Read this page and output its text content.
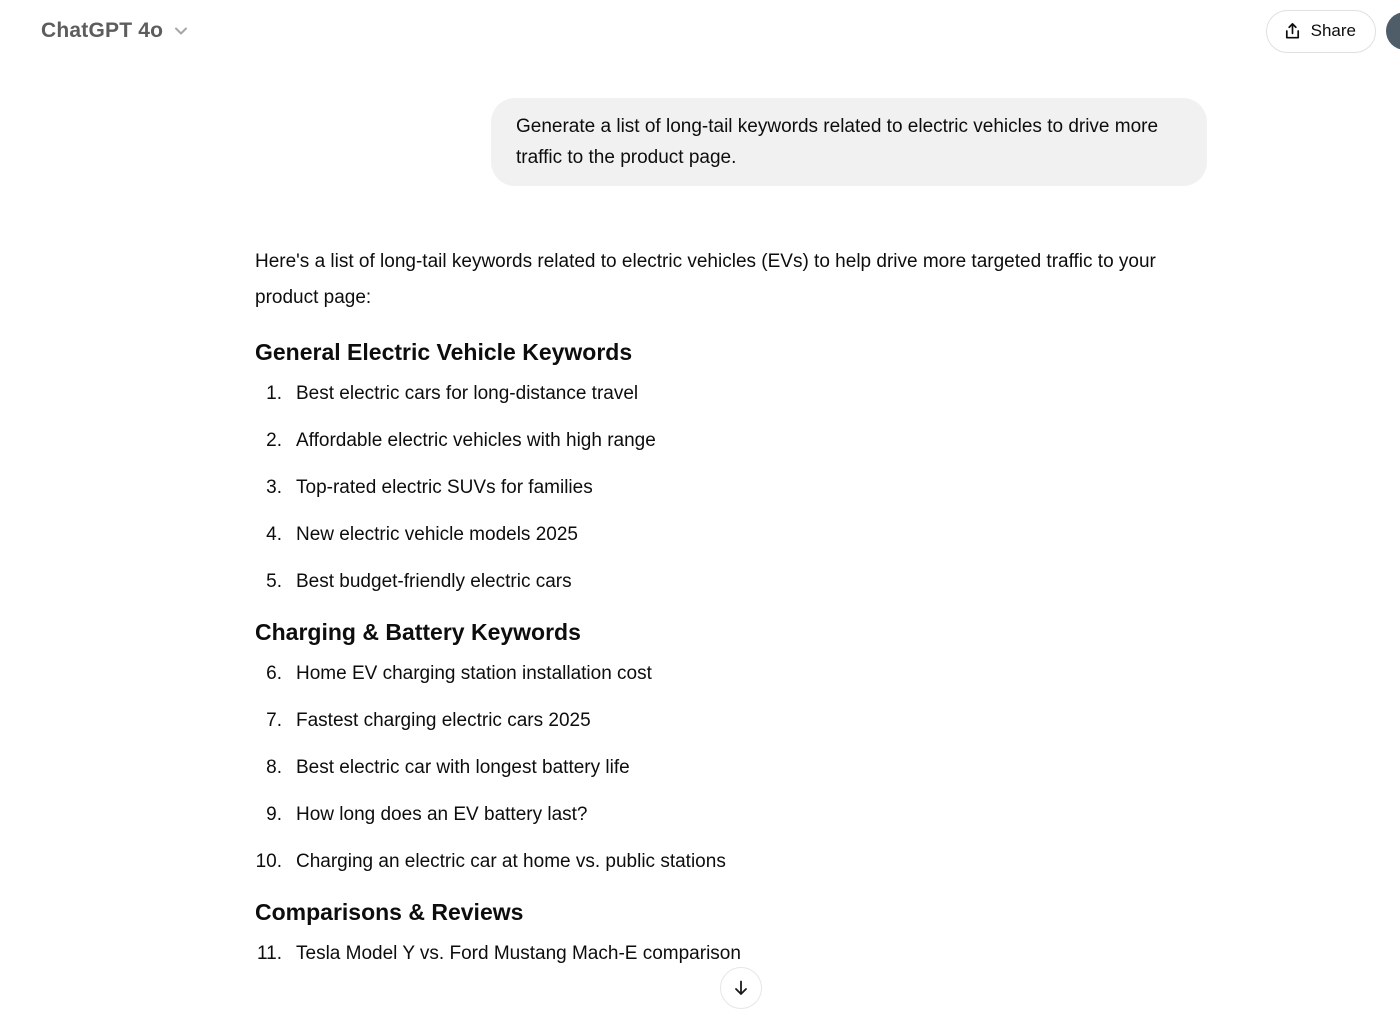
ChatGPT 4o	Share
Generate a list of long-tail keywords related to electric vehicles to drive more traffic to the product page.

Here's a list of long-tail keywords related to electric vehicles (EVs) to help drive more targeted traffic to your product page:

General Electric Vehicle Keywords
1. Best electric cars for long-distance travel
2. Affordable electric vehicles with high range
3. Top-rated electric SUVs for families
4. New electric vehicle models 2025
5. Best budget-friendly electric cars
Charging & Battery Keywords
6. Home EV charging station installation cost
7. Fastest charging electric cars 2025
8. Best electric car with longest battery life
9. How long does an EV battery last?
10. Charging an electric car at home vs. public stations
Comparisons & Reviews
11. Tesla Model Y vs. Ford Mustang Mach-E comparison
